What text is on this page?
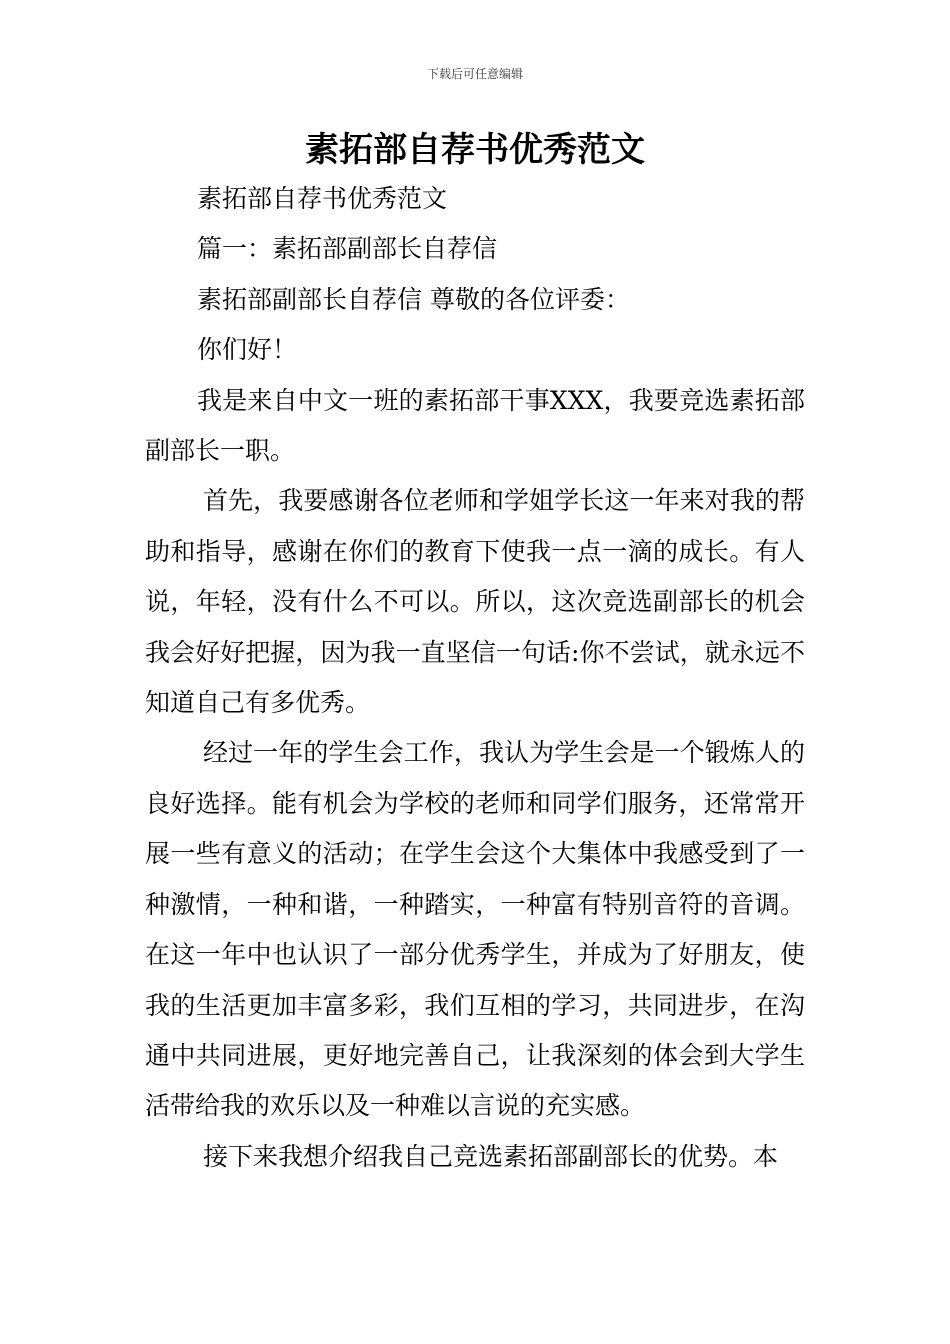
下载后可任意编辑
素拓部自荐书优秀范文

素拓部自荐书优秀范文

篇一：素拓部副部长自荐信

素拓部副部长自荐信 尊敬的各位评委：

你们好！

我是来自中文一班的素拓部干事XXX，我要竞选素拓部副部长一职。

首先，我要感谢各位老师和学姐学长这一年来对我的帮助和指导，感谢在你们的教育下使我一点一滴的成长。有人说，年轻，没有什么不可以。所以，这次竞选副部长的机会我会好好把握，因为我一直坚信一句话:你不尝试，就永远不知道自己有多优秀。

经过一年的学生会工作，我认为学生会是一个锻炼人的良好选择。能有机会为学校的老师和同学们服务，还常常开展一些有意义的活动；在学生会这个大集体中我感受到了一种激情，一种和谐，一种踏实，一种富有特别音符的音调。在这一年中也认识了一部分优秀学生，并成为了好朋友，使我的生活更加丰富多彩，我们互相的学习，共同进步，在沟通中共同进展，更好地完善自己，让我深刻的体会到大学生活带给我的欢乐以及一种难以言说的充实感。

接下来我想介绍我自己竞选素拓部副部长的优势。本
